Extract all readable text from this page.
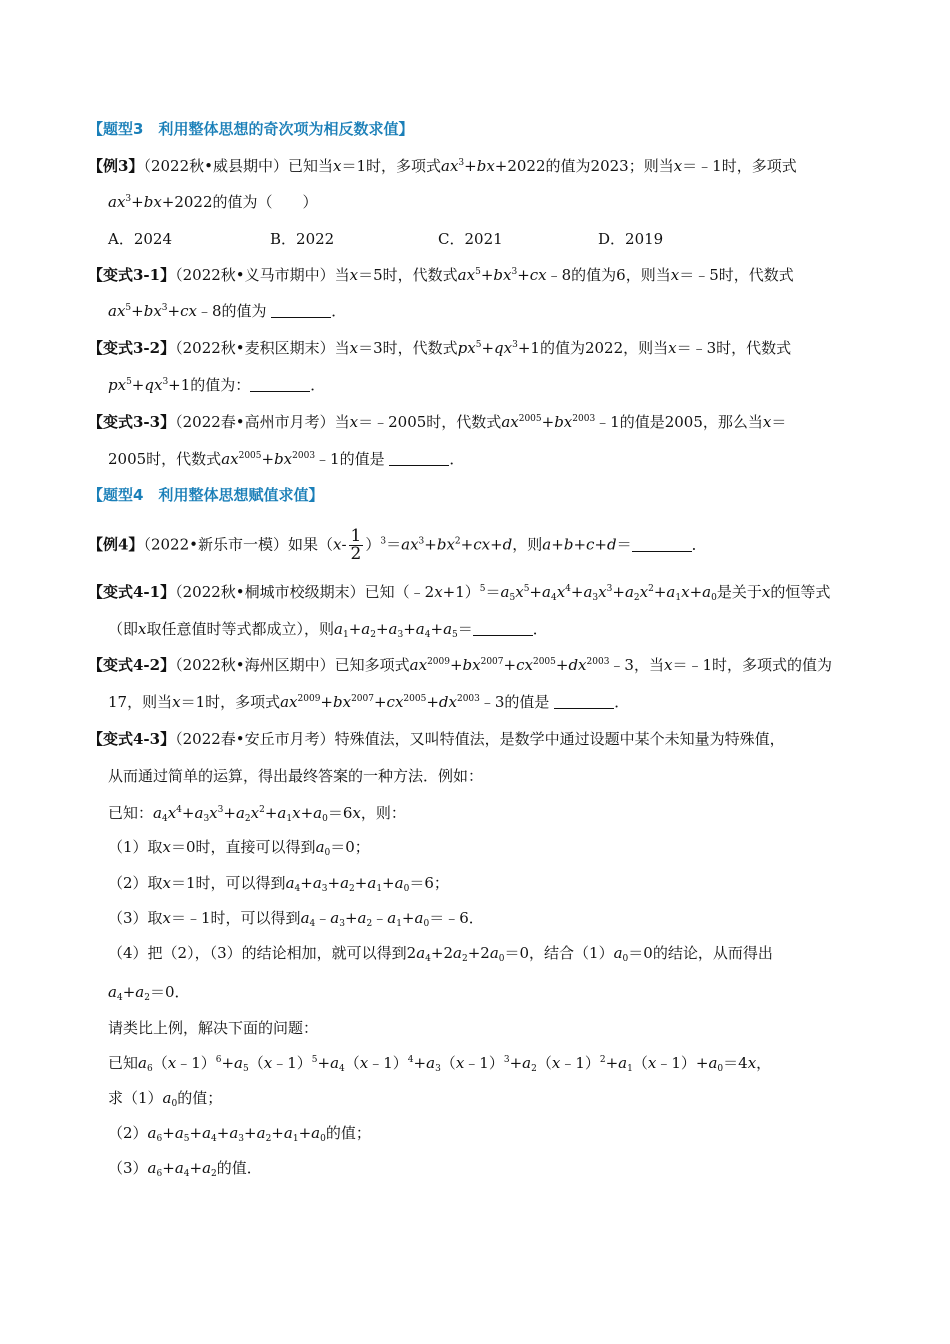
【题型3　利用整体思想的奇次项为相反数求值】
【例3】（2022秋•威县期中）已知当x＝1时，多项式$ax^3+bx+2022$的值为2023；则当x＝﹣1时，多项式
$ax^3+bx+2022$的值为（　　）
A．2024	B．2022	C．2021	D．2019
【变式3-1】（2022秋•义马市期中）当x＝5时，代数式$ax^5+bx^3+cx﹣8$的值为6，则当x＝﹣5时，代数式
$ax^5+bx^3+cx﹣8$的值为	．
【变式3-2】（2022秋•麦积区期末）当x＝3时，代数式$px^5+qx^3+1$的值为2022，则当x＝﹣3时，代数式
$px^5+qx^3+1$的值为：	．
【变式3-3】（2022春•高州市月考）当x＝﹣2005时，代数式$ax^{2005}+bx^{2003}﹣1$的值是2005，那么当x＝
2005时，代数式$ax^{2005}+bx^{2003}﹣1$的值是	．
【题型4　利用整体思想赋值求值】
【例4】（2022•新乐市一模）如果$(x- \frac{1}{2} )^3=ax^3+bx^2+cx+d$，则a+b+c+d＝	．
【变式4-1】（2022秋•桐城市校级期末）已知$(﹣2x+1)^5=a_5x^5+a_4x^4+a_3x^3+a_2x^2+a_1x+a_0$是关于x的恒等式
（即x取任意值时等式都成立），则$a_1+a_2+a_3+a_4+a_5=$	．
【变式4-2】（2022秋•海州区期中）已知多项式$ax^{2009}+bx^{2007}+cx^{2005}+dx^{2003}﹣3$，当x＝﹣1时，多项式的值为
17，则当x＝1时，多项式$ax^{2009}+bx^{2007}+cx^{2005}+dx^{2003}﹣3$的值是	．
【变式4-3】（2022春•安丘市月考）特殊值法，又叫特值法，是数学中通过设题中某个未知量为特殊值，
从而通过简单的运算，得出最终答案的一种方法．例如：
已知：$a_4x^4+a_3x^3+a_2x^2+a_1x+a_0=6x$，则：
（1）取x＝0时，直接可以得到$a_0=0$；
（2）取x＝1时，可以得到$a_4+a_3+a_2+a_1+a_0=6$；
（3）取x＝﹣1时，可以得到$a_4﹣a_3+a_2﹣a_1+a_0=﹣6$．
（4）把（2），（3）的结论相加，就可以得到$2a_4+2a_2+2a_0=0$，结合$(1)a_0=0$的结论，从而得出
$a_4+a_2=0$．
请类比上例，解决下面的问题：
已知$a_6(x﹣1)^6+a_5(x﹣1)^5+a_4(x﹣1)^4+a_3(x﹣1)^3+a_2(x﹣1)^2+a_1(x﹣1)+a_0=4x$，
求$(1)a_0$的值；
$(2)a_6+a_5+a_4+a_3+a_2+a_1+a_0$的值；
$(3)a_6+a_4+a_2$的值．
